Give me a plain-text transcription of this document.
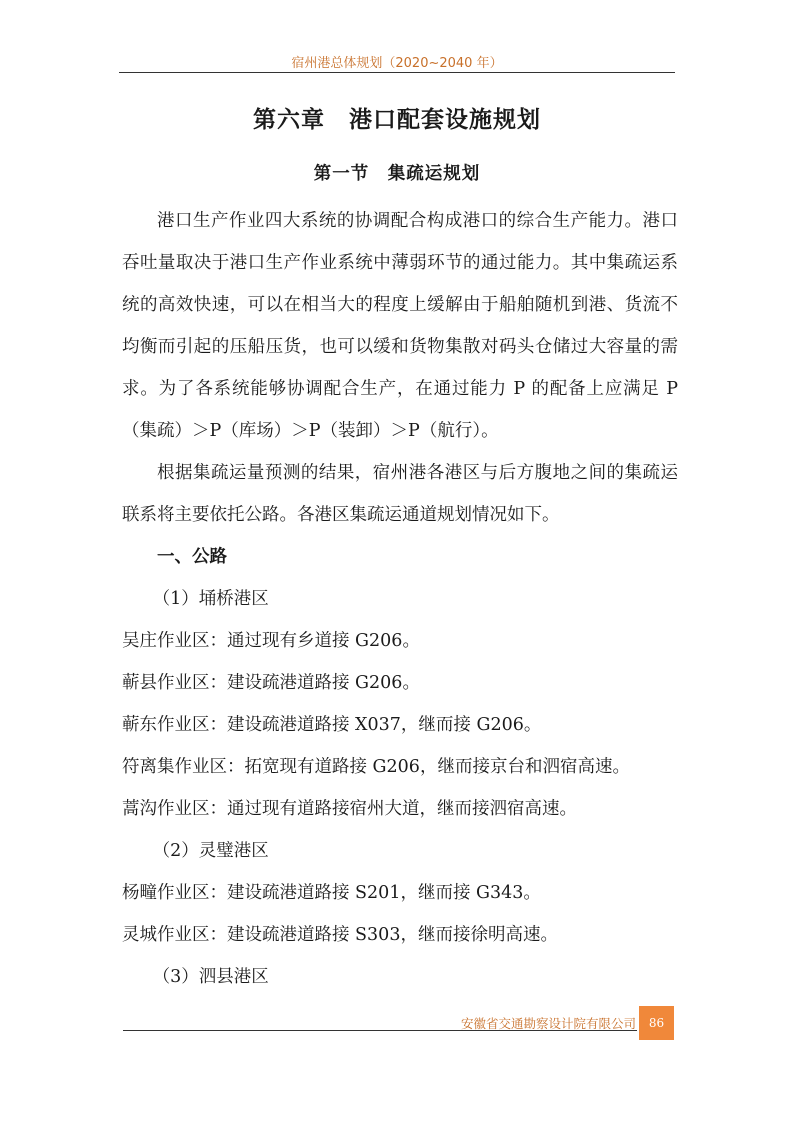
宿州港总体规划（2020~2040 年）
第六章　港口配套设施规划
第一节　集疏运规划

港口生产作业四大系统的协调配合构成港口的综合生产能力。港口吞吐量取决于港口生产作业系统中薄弱环节的通过能力。其中集疏运系统的高效快速，可以在相当大的程度上缓解由于船舶随机到港、货流不均衡而引起的压船压货，也可以缓和货物集散对码头仓储过大容量的需求。为了各系统能够协调配合生产，在通过能力 P 的配备上应满足 P（集疏）＞P（库场）＞P（装卸）＞P（航行）。

根据集疏运量预测的结果，宿州港各港区与后方腹地之间的集疏运联系将主要依托公路。各港区集疏运通道规划情况如下。

一、公路
（1）埇桥港区
吴庄作业区：通过现有乡道接 G206。
蕲县作业区：建设疏港道路接 G206。
蕲东作业区：建设疏港道路接 X037，继而接 G206。
符离集作业区：拓宽现有道路接 G206，继而接京台和泗宿高速。
蒿沟作业区：通过现有道路接宿州大道，继而接泗宿高速。
（2）灵璧港区
杨疃作业区：建设疏港道路接 S201，继而接 G343。
灵城作业区：建设疏港道路接 S303，继而接徐明高速。
（3）泗县港区
安徽省交通勘察设计院有限公司 86
